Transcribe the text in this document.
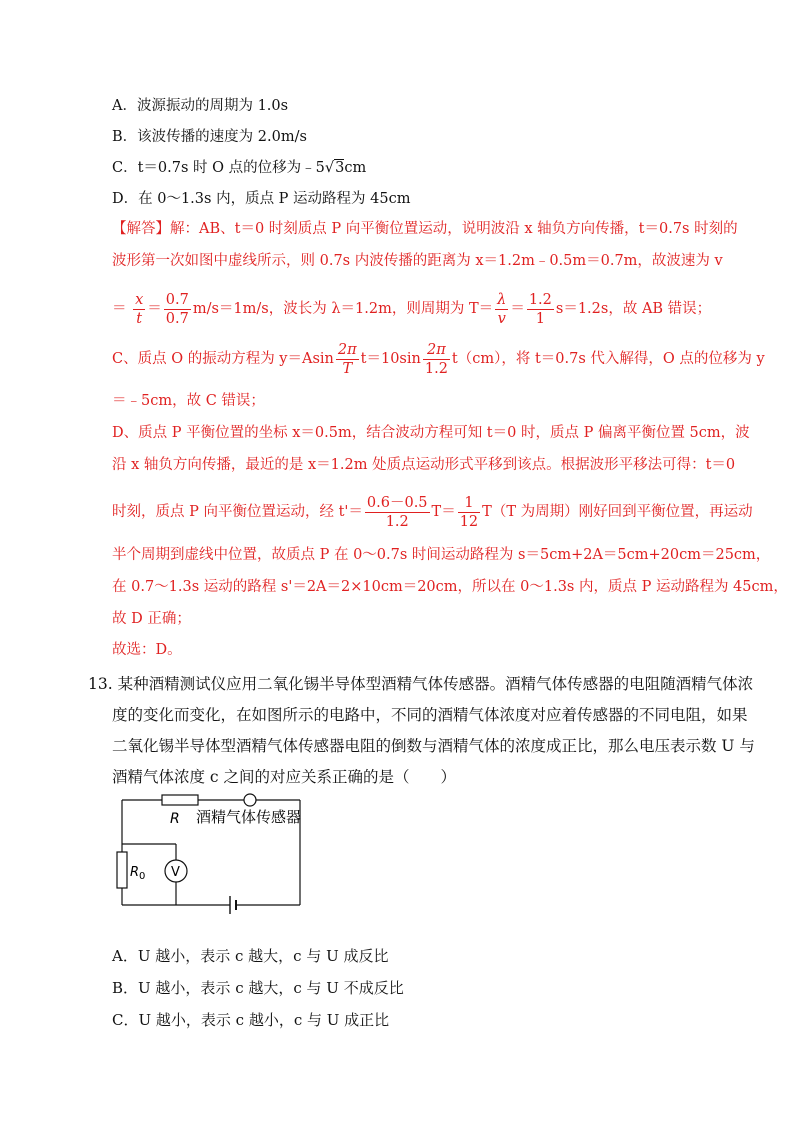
A．波源振动的周期为 1.0s
B．该波传播的速度为 2.0m/s
C．t＝0.7s 时 O 点的位移为﹣5√3cm
D．在 0～1.3s 内，质点 P 运动路程为 45cm
【解答】解：AB、t＝0 时刻质点 P 向平衡位置运动，说明波沿 x 轴负方向传播，t＝0.7s 时刻的
波形第一次如图中虚线所示，则 0.7s 内波传播的距离为 x＝1.2m﹣0.5m＝0.7m，故波速为 v
＝ $\frac{x}{t} = \frac{0.7}{0.7} m/s=1m/s$，波长为 λ＝1.2m，则周期为 $T= \frac{\lambda}{v} = \frac{1.2}{1} s=1.2s$，故 AB 错误；
C、质点 O 的振动方程为 $y=Asin \frac{2\pi}{T} t=10\sin \frac{2\pi}{1.2} t(cm)$，将 t＝0.7s 代入解得，O 点的位移为 y
＝﹣5cm，故 C 错误；
D、质点 P 平衡位置的坐标 x＝0.5m，结合波动方程可知 t＝0 时，质点 P 偏离平衡位置 5cm，波
沿 x 轴负方向传播，最近的是 x＝1.2m 处质点运动形式平移到该点。根据波形平移法可得：t＝0
时刻，质点 P 向平衡位置运动，经 $t'= \frac{0.6-0.5}{1.2} T= \frac{1}{12} T(T$ 为周期）刚好回到平衡位置，再运动
半个周期到虚线中位置，故质点 P 在 0～0.7s 时间运动路程为 s＝5cm+2A＝5cm+20cm＝25cm，
在 0.7～1.3s 运动的路程 s'＝2A＝2×10cm＝20cm，所以在 0～1.3s 内，质点 P 运动路程为 45cm，
故 D 正确；
故选：D。
13. 某种酒精测试仪应用二氧化锡半导体型酒精气体传感器。酒精气体传感器的电阻随酒精气体浓
度的变化而变化，在如图所示的电路中，不同的酒精气体浓度对应着传感器的不同电阻，如果
二氧化锡半导体型酒精气体传感器电阻的倒数与酒精气体的浓度成正比，那么电压表示数 U 与
酒精气体浓度 c 之间的对应关系正确的是（　　）
R 酒精气体传感器
$R_0$ V
A．U 越小，表示 c 越大，c 与 U 成反比
B．U 越小，表示 c 越大，c 与 U 不成反比
C．U 越小，表示 c 越小，c 与 U 成正比
